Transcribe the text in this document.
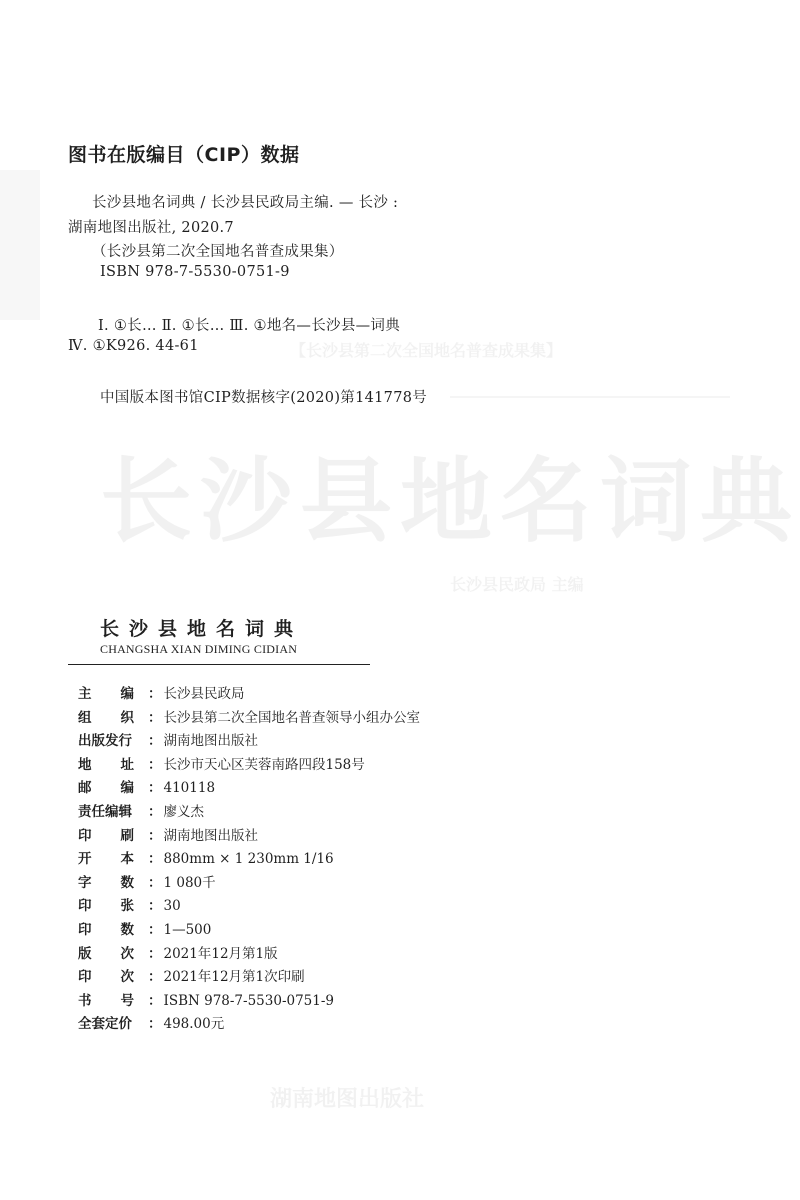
【长沙县第二次全国地名普查成果集】
长沙县地名词典
长沙县民政局 主编
湖南地图出版社
图书在版编目（CIP）数据
长沙县地名词典 / 长沙县民政局主编. — 长沙 :
湖南地图出版社, 2020.7
（长沙县第二次全国地名普查成果集）
ISBN 978-7-5530-0751-9
Ⅰ. ①长… Ⅱ. ①长… Ⅲ. ①地名—长沙县—词典
Ⅳ. ①K926. 44-61
中国版本图书馆CIP数据核字(2020)第141778号
长沙县地名词典
CHANGSHA XIAN DIMING CIDIAN
主 编 ： 长沙县民政局
组 织 ： 长沙县第二次全国地名普查领导小组办公室
出版发行	： 湖南地图出版社
地 址 ： 长沙市天心区芙蓉南路四段158号
邮 编 ： 410118
责任编辑	： 廖义杰
印 刷 ： 湖南地图出版社
开 本 ： 880mm × 1 230mm 1/16
字 数 ： 1 080千
印 张 ： 30
印 数 ： 1—500
版 次 ： 2021年12月第1版
印 次 ： 2021年12月第1次印刷
书 号 ： ISBN 978-7-5530-0751-9
全套定价	： 498.00元
